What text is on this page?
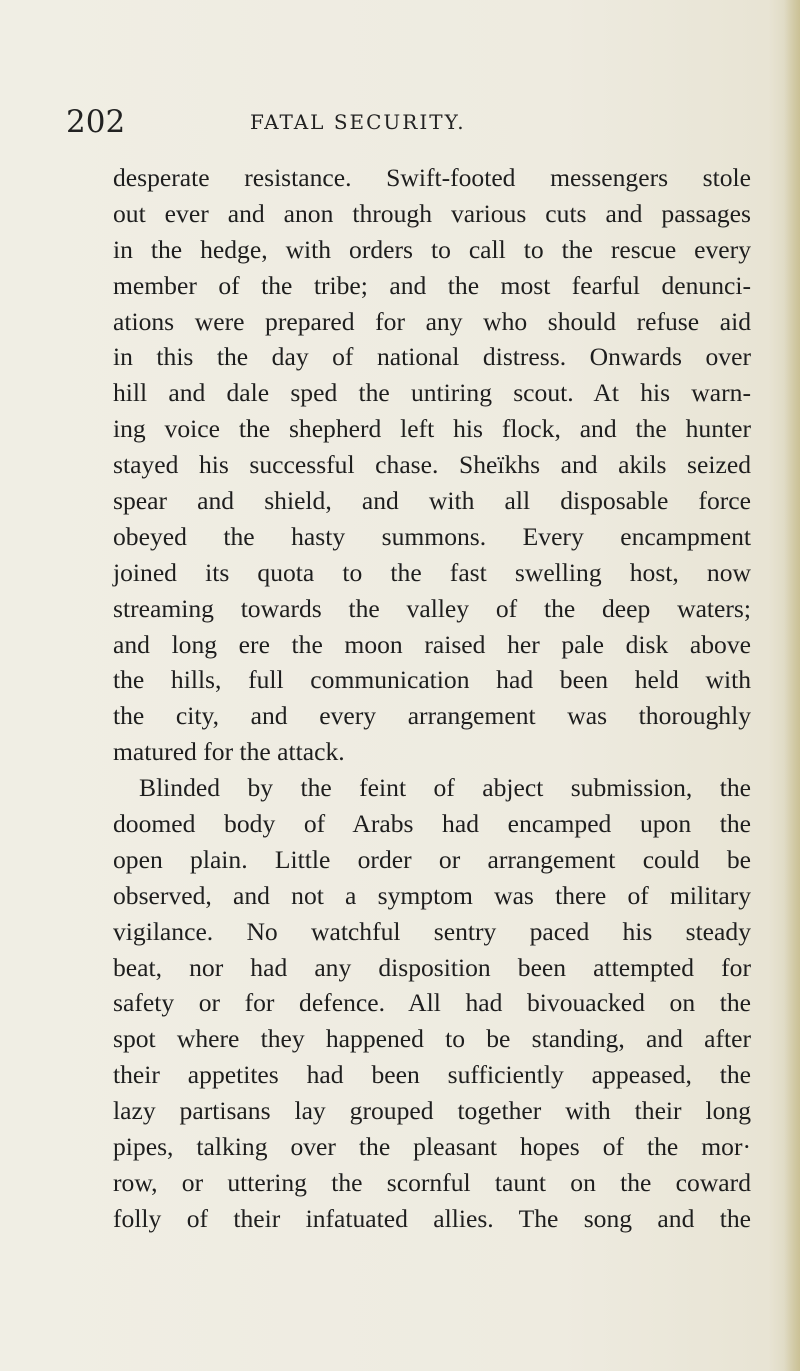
202	FATAL SECURITY.
desperate resistance. Swift-footed messengers stole
out ever and anon through various cuts and passages
in the hedge, with orders to call to the rescue every
member of the tribe; and the most fearful denunci-
ations were prepared for any who should refuse aid
in this the day of national distress. Onwards over
hill and dale sped the untiring scout. At his warn-
ing voice the shepherd left his flock, and the hunter
stayed his successful chase. Sheïkhs and akils seized
spear and shield, and with all disposable force
obeyed the hasty summons. Every encampment
joined its quota to the fast swelling host, now
streaming towards the valley of the deep waters;
and long ere the moon raised her pale disk above
the hills, full communication had been held with
the city, and every arrangement was thoroughly
matured for the attack.
Blinded by the feint of abject submission, the
doomed body of Arabs had encamped upon the
open plain. Little order or arrangement could be
observed, and not a symptom was there of military
vigilance. No watchful sentry paced his steady
beat, nor had any disposition been attempted for
safety or for defence. All had bivouacked on the
spot where they happened to be standing, and after
their appetites had been sufficiently appeased, the
lazy partisans lay grouped together with their long
pipes, talking over the pleasant hopes of the mor·
row, or uttering the scornful taunt on the coward
folly of their infatuated allies. The song and the
